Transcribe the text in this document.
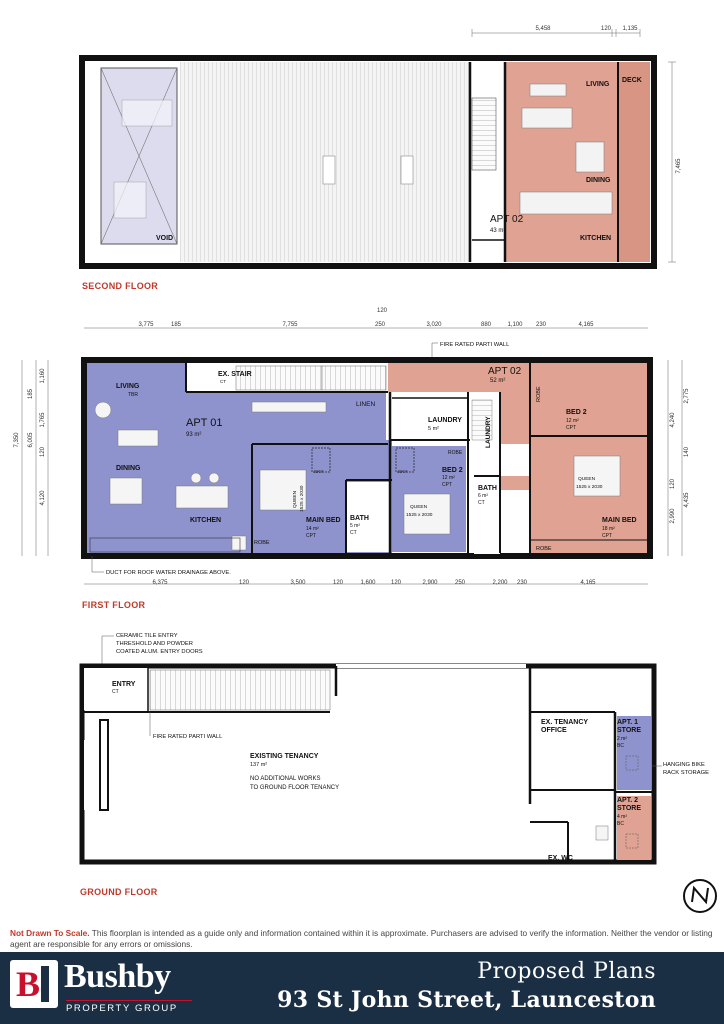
5,458	120 1,135
7,465
VOID
LIVING
DECK
DINING
KITCHEN
APT 02
43 m²
SECOND FLOOR
120
3,775	185	7,755	250	3,020	880	1,100 230	4,165
FIRE RATED PARTI WALL
7,350 6,005
1,160
185
1,765
120
4,120
2,775
4,240
140
120
4,435
2,990
LIVING
TBR
APT 01
93 m²
DINING
KITCHEN
EX. STAIR
CT
LINEN
LAUNDRY
5 m²	LAUNDRY
ROBE
BED 2
12 m²
CPT
SKY
SKY
QUEEN
1525 x 2030
QUEEN 1525 x 2030
MAIN BED
14 m²
CPT
ROBE
BATH
5 m²
CT
APT 02
52 m²
ROBE
BED 2
12 m²
CPT
QUEEN
1525 x 2030
MAIN BED
18 m²
CPT
ROBE
BATH
6 m²
CT
DUCT FOR ROOF WATER DRAINAGE ABOVE.
6,375	120	3,500	120	1,600	120	2,900	250	2,200 230	4,165
FIRST FLOOR
CERAMIC TILE ENTRY
THRESHOLD AND POWDER
COATED ALUM. ENTRY DOORS
ENTRY
CT
FIRE RATED PARTI WALL
EXISTING TENANCY
137 m²
NO ADDITIONAL WORKS
TO GROUND FLOOR TENANCY
EX. TENANCY
OFFICE
APT. 1
STORE
2 m²
BC
APT. 2
STORE
4 m²
BC
HANGING BIKE
RACK STORAGE
EX. WC
GROUND FLOOR
Not Drawn To Scale. This floorplan is intended as a guide only and information contained within it is approximate. Purchasers are advised to verify the information. Neither the vendor or listing agent are responsible for any errors or omissions.
B Bushby
PROPERTY GROUP
Proposed Plans
93 St John Street, Launceston
